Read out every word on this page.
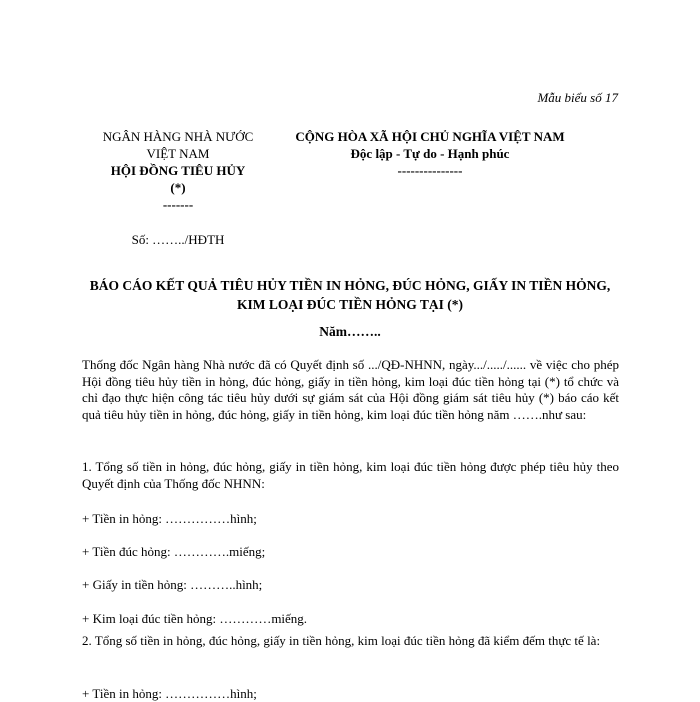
Mẫu biểu số 17
NGÂN HÀNG NHÀ NƯỚC
VIỆT NAM
HỘI ĐỒNG TIÊU HỦY
(*)
-------
Số: ……../HĐTH
CỘNG HÒA XÃ HỘI CHỦ NGHĨA VIỆT NAM
Độc lập - Tự do - Hạnh phúc
---------------
BÁO CÁO KẾT QUẢ TIÊU HỦY TIỀN IN HỎNG, ĐÚC HỎNG, GIẤY IN TIỀN HỎNG,
KIM LOẠI ĐÚC TIỀN HỎNG TẠI (*)
Năm……..
Thống đốc Ngân hàng Nhà nước đã có Quyết định số .../QĐ-NHNN, ngày.../...../...... về việc cho phép Hội đồng tiêu hủy tiền in hỏng, đúc hỏng, giấy in tiền hỏng, kim loại đúc tiền hỏng tại (*) tổ chức và chỉ đạo thực hiện công tác tiêu hủy dưới sự giám sát của Hội đồng giám sát tiêu hủy (*) báo cáo kết quả tiêu hủy tiền in hỏng, đúc hỏng, giấy in tiền hỏng, kim loại đúc tiền hỏng năm …….như sau:
1. Tổng số tiền in hỏng, đúc hỏng, giấy in tiền hỏng, kim loại đúc tiền hỏng được phép tiêu hủy theo Quyết định của Thống đốc NHNN:
+ Tiền in hỏng: ……………hình;
+ Tiền đúc hỏng: ………….miếng;
+ Giấy in tiền hỏng: ………..hình;
+ Kim loại đúc tiền hỏng: …………miếng.
2. Tổng số tiền in hỏng, đúc hỏng, giấy in tiền hỏng, kim loại đúc tiền hỏng đã kiểm đếm thực tế là:
+ Tiền in hỏng: ……………hình;
